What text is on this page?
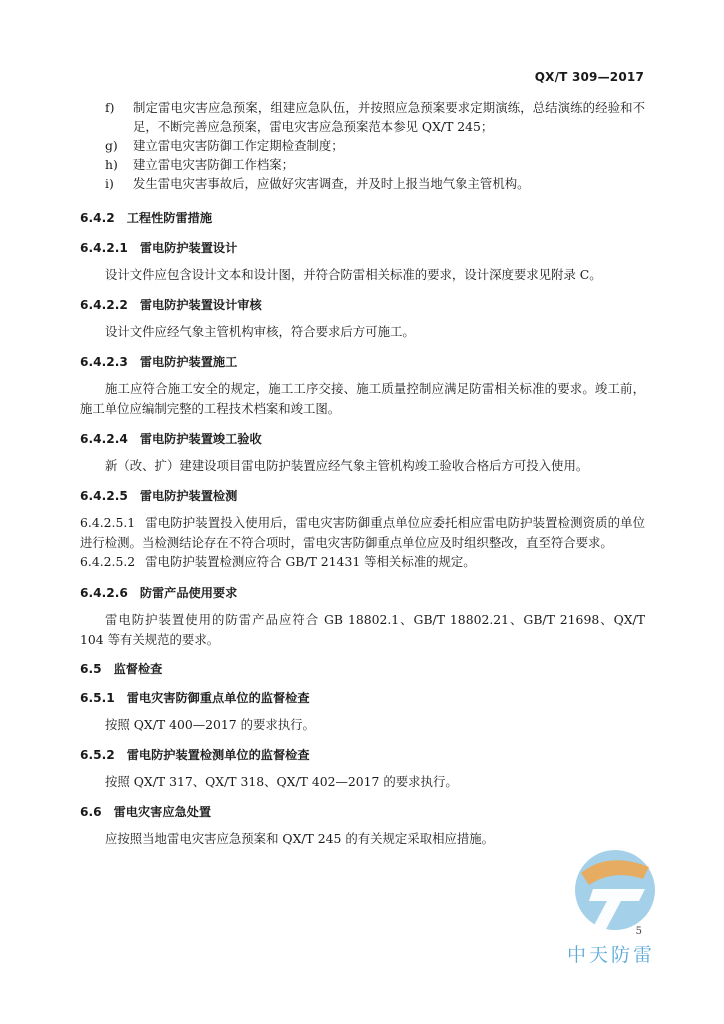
QX/T 309—2017
f)	制定雷电灾害应急预案，组建应急队伍，并按照应急预案要求定期演练，总结演练的经验和不足，不断完善应急预案，雷电灾害应急预案范本参见 QX/T 245；
g)	建立雷电灾害防御工作定期检查制度；
h)	建立雷电灾害防御工作档案；
i)	发生雷电灾害事故后，应做好灾害调查，并及时上报当地气象主管机构。
6.4.2 工程性防雷措施
6.4.2.1 雷电防护装置设计
设计文件应包含设计文本和设计图，并符合防雷相关标准的要求，设计深度要求见附录 C。
6.4.2.2 雷电防护装置设计审核
设计文件应经气象主管机构审核，符合要求后方可施工。
6.4.2.3 雷电防护装置施工
施工应符合施工安全的规定，施工工序交接、施工质量控制应满足防雷相关标准的要求。竣工前，施工单位应编制完整的工程技术档案和竣工图。
6.4.2.4 雷电防护装置竣工验收
新（改、扩）建建设项目雷电防护装置应经气象主管机构竣工验收合格后方可投入使用。
6.4.2.5 雷电防护装置检测
6.4.2.5.1 雷电防护装置投入使用后，雷电灾害防御重点单位应委托相应雷电防护装置检测资质的单位进行检测。当检测结论存在不符合项时，雷电灾害防御重点单位应及时组织整改，直至符合要求。
6.4.2.5.2 雷电防护装置检测应符合 GB/T 21431 等相关标准的规定。
6.4.2.6 防雷产品使用要求
雷电防护装置使用的防雷产品应符合 GB 18802.1、GB/T 18802.21、GB/T 21698、QX/T 104 等有关规范的要求。
6.5 监督检查
6.5.1 雷电灾害防御重点单位的监督检查
按照 QX/T 400—2017 的要求执行。
6.5.2 雷电防护装置检测单位的监督检查
按照 QX/T 317、QX/T 318、QX/T 402—2017 的要求执行。
6.6 雷电灾害应急处置
应按照当地雷电灾害应急预案和 QX/T 245 的有关规定采取相应措施。
5
中天防雷
